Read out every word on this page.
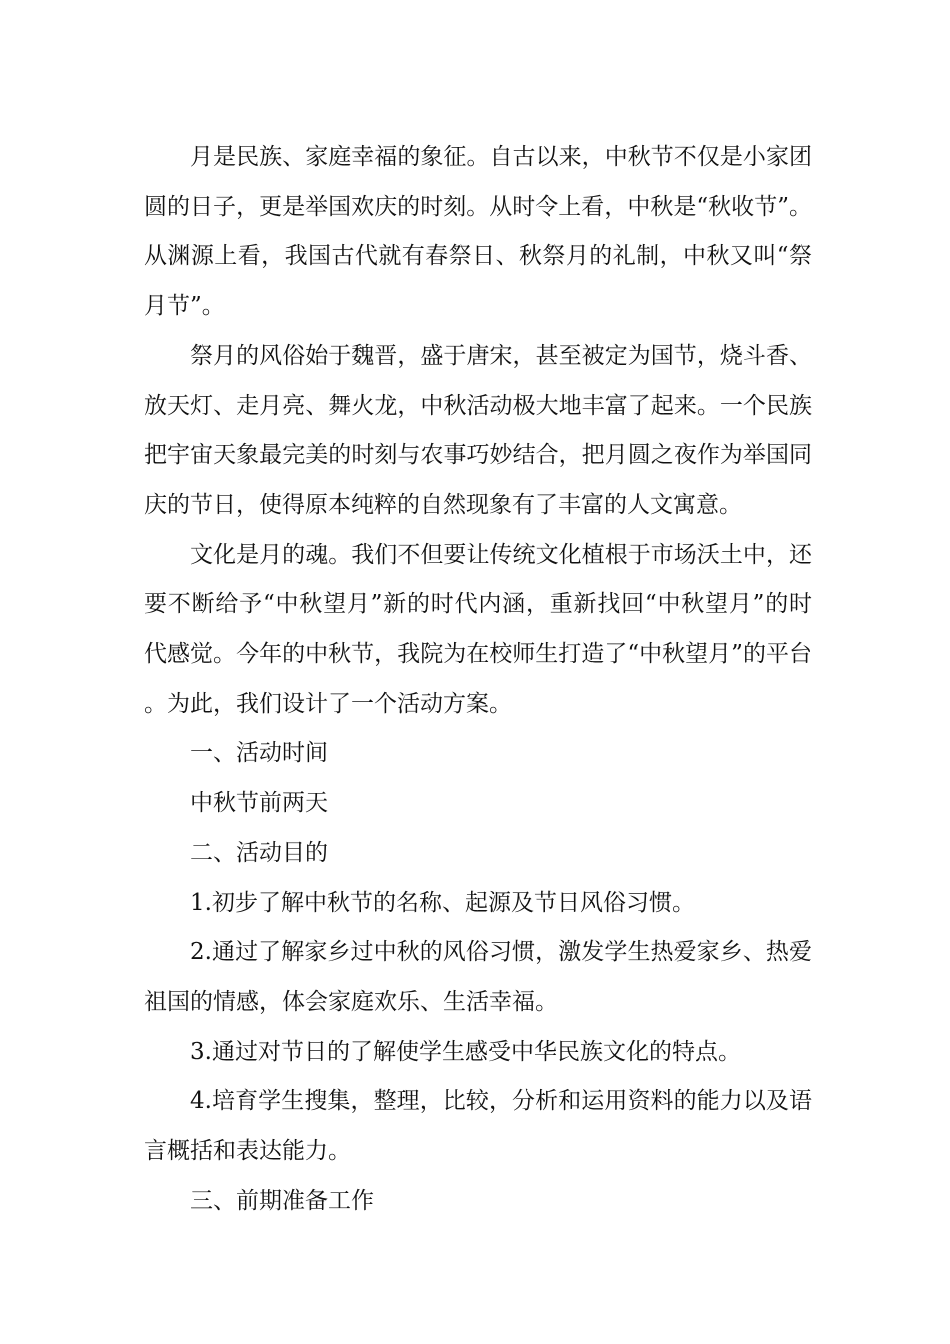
月是民族、家庭幸福的象征。自古以来，中秋节不仅是小家团圆的日子，更是举国欢庆的时刻。从时令上看，中秋是“秋收节”。从渊源上看，我国古代就有春祭日、秋祭月的礼制，中秋又叫“祭月节”。

祭月的风俗始于魏晋，盛于唐宋，甚至被定为国节，烧斗香、放天灯、走月亮、舞火龙，中秋活动极大地丰富了起来。一个民族把宇宙天象最完美的时刻与农事巧妙结合，把月圆之夜作为举国同庆的节日，使得原本纯粹的自然现象有了丰富的人文寓意。

文化是月的魂。我们不但要让传统文化植根于市场沃土中，还要不断给予“中秋望月”新的时代内涵，重新找回“中秋望月”的时代感觉。今年的中秋节，我院为在校师生打造了“中秋望月”的平台。为此，我们设计了一个活动方案。

一、活动时间

中秋节前两天

二、活动目的

1.初步了解中秋节的名称、起源及节日风俗习惯。

2.通过了解家乡过中秋的风俗习惯，激发学生热爱家乡、热爱祖国的情感，体会家庭欢乐、生活幸福。

3.通过对节日的了解使学生感受中华民族文化的特点。

4.培育学生搜集，整理，比较，分析和运用资料的能力以及语言概括和表达能力。

三、前期准备工作
